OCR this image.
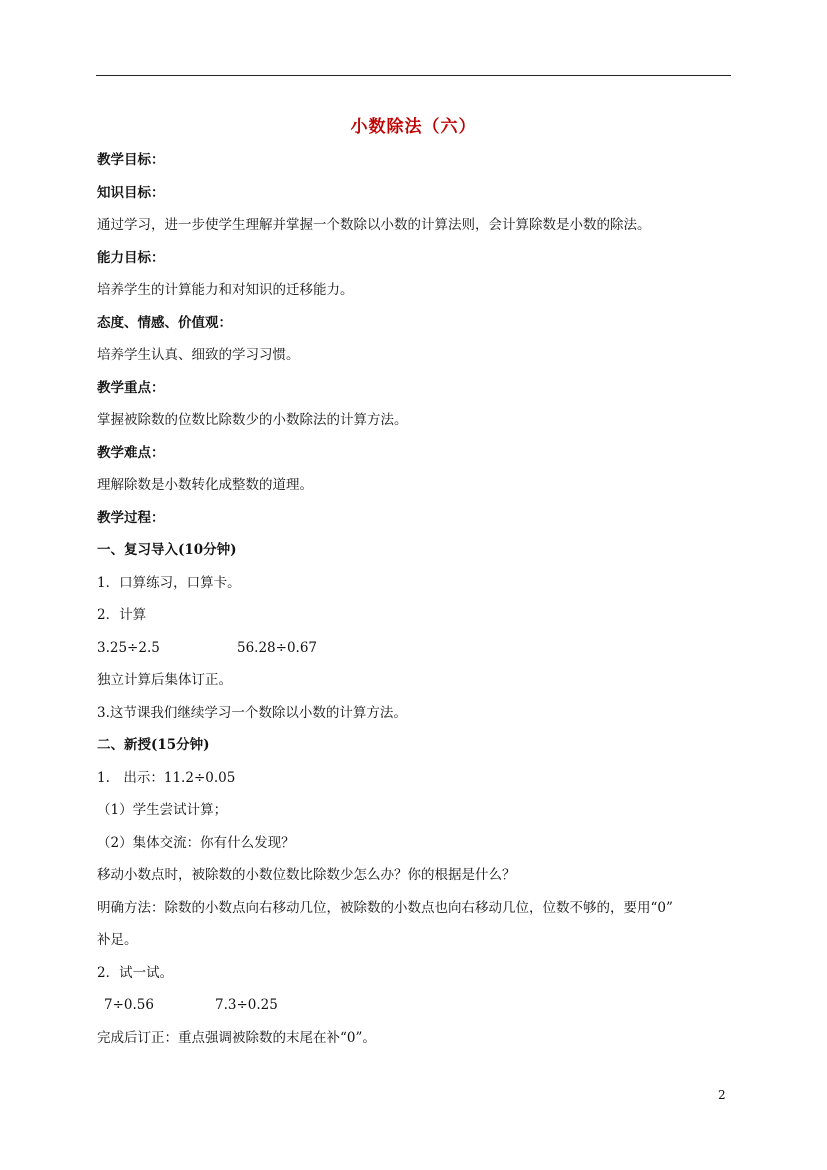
小数除法（六）
教学目标：
知识目标：
通过学习，进一步使学生理解并掌握一个数除以小数的计算法则，会计算除数是小数的除法。
能力目标：
培养学生的计算能力和对知识的迁移能力。
态度、情感、价值观：
培养学生认真、细致的学习习惯。
教学重点：
掌握被除数的位数比除数少的小数除法的计算方法。
教学难点：
理解除数是小数转化成整数的道理。
教学过程：
一、复习导入(10分钟)
1．口算练习，口算卡。
2．计算
3.25÷2.5	56.28÷0.67
独立计算后集体订正。
3.这节课我们继续学习一个数除以小数的计算方法。
二、新授(15分钟)
1.　出示：11.2÷0.05
（1）学生尝试计算；
（2）集体交流：你有什么发现？
移动小数点时，被除数的小数位数比除数少怎么办？你的根据是什么？
明确方法：除数的小数点向右移动几位，被除数的小数点也向右移动几位，位数不够的，要用“0”
补足。
2．试一试。
7÷0.56	7.3÷0.25
完成后订正：重点强调被除数的末尾在补“0”。
2
